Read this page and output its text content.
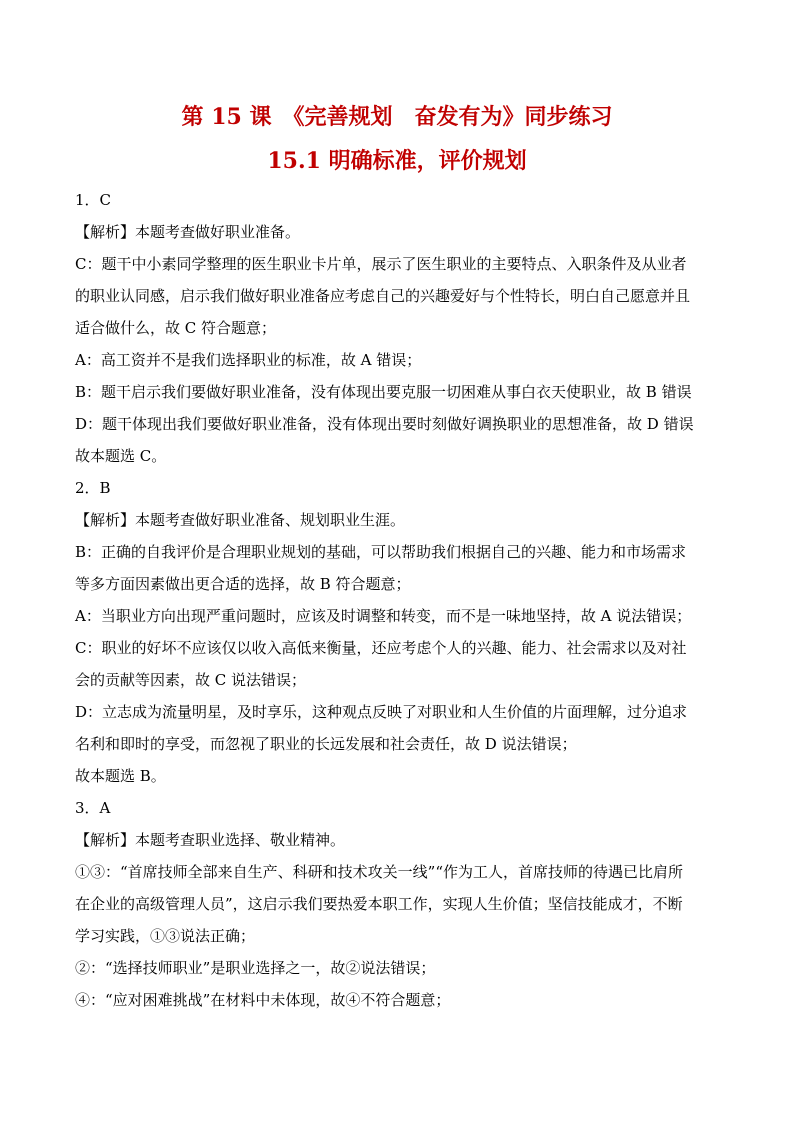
第 15 课　《完善规划　奋发有为》同步练习
15.1 明确标准，评价规划
1．C
【解析】本题考查做好职业准备。
C：题干中小素同学整理的医生职业卡片单，展示了医生职业的主要特点、入职条件及从业者
的职业认同感，启示我们做好职业准备应考虑自己的兴趣爱好与个性特长，明白自己愿意并且
适合做什么，故 C 符合题意；
A：高工资并不是我们选择职业的标准，故 A 错误；
B：题干启示我们要做好职业准备，没有体现出要克服一切困难从事白衣天使职业，故 B 错误
D：题干体现出我们要做好职业准备，没有体现出要时刻做好调换职业的思想准备，故 D 错误
故本题选 C。
2．B
【解析】本题考查做好职业准备、规划职业生涯。
B：正确的自我评价是合理职业规划的基础，可以帮助我们根据自己的兴趣、能力和市场需求
等多方面因素做出更合适的选择，故 B 符合题意；
A：当职业方向出现严重问题时，应该及时调整和转变，而不是一味地坚持，故 A 说法错误；
C：职业的好坏不应该仅以收入高低来衡量，还应考虑个人的兴趣、能力、社会需求以及对社
会的贡献等因素，故 C 说法错误；
D：立志成为流量明星，及时享乐，这种观点反映了对职业和人生价值的片面理解，过分追求
名利和即时的享受，而忽视了职业的长远发展和社会责任，故 D 说法错误；
故本题选 B。
3．A
【解析】本题考查职业选择、敬业精神。
①③：“首席技师全部来自生产、科研和技术攻关一线”“作为工人，首席技师的待遇已比肩所
在企业的高级管理人员”，这启示我们要热爱本职工作，实现人生价值；坚信技能成才，不断
学习实践，①③说法正确；
②：“选择技师职业”是职业选择之一，故②说法错误；
④：“应对困难挑战”在材料中未体现，故④不符合题意；
